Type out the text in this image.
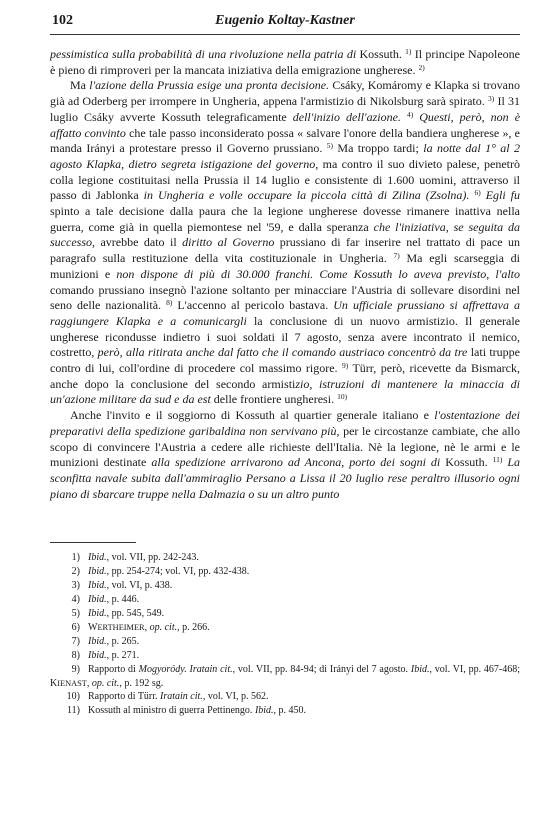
102	Eugenio Koltay-Kastner

pessimistica sulla probabilità di una rivoluzione nella patria di Kossuth. $^{1)}$ Il principe Napoleone è pieno di rimproveri per la mancata iniziativa della emigrazione ungherese. $^{2)}$

Ma l'azione della Prussia esige una pronta decisione. Csáky, Komáromy e Klapka si trovano già ad Oderberg per irrompere in Ungheria, appena l'armistizio di Nikolsburg sarà spirato. $^{3)}$ Il 31 luglio Csáky avverte Kossuth telegraficamente dell'inizio dell'azione. $^{4)}$ Questi, però, non è affatto convinto che tale passo inconsiderato possa « salvare l'onore della bandiera ungherese », e manda Irányi a protestare presso il Governo prussiano. $^{5)}$ Ma troppo tardi; la notte dal 1° al 2 agosto Klapka, dietro segreta istigazione del governo, ma contro il suo divieto palese, penetrò colla legione costituitasi nella Prussia il 14 luglio e consistente di 1.600 uomini, attraverso il passo di Jablonka in Ungheria e volle occupare la piccola città di Zilina (Zsolna). $^{6)}$ Egli fu spinto a tale decisione dalla paura che la legione ungherese dovesse rimanere inattiva nella guerra, come già in quella piemontese nel '59, e dalla speranza che l'iniziativa, se seguita da successo, avrebbe dato il diritto al Governo prussiano di far inserire nel trattato di pace un paragrafo sulla restituzione della vita costituzionale in Ungheria. $^{7)}$ Ma egli scarseggia di munizioni e non dispone di più di 30.000 franchi. Come Kossuth lo aveva previsto, l'alto comando prussiano insegnò l'azione soltanto per minacciare l'Austria di sollevare disordini nel seno delle nazionalità. $^{8)}$ L'accenno al pericolo bastava. Un ufficiale prussiano si affrettava a raggiungere Klapka e a comunicargli la conclusione di un nuovo armistizio. Il generale ungherese ricondusse indietro i suoi soldati il 7 agosto, senza avere incontrato il nemico, costretto, però, alla ritirata anche dal fatto che il comando austriaco concentrò da tre lati truppe contro di lui, coll'ordine di procedere col massimo rigore. $^{9)}$ Türr, però, ricevette da Bismarck, anche dopo la conclusione del secondo armistizio, istruzioni di mantenere la minaccia di un'azione militare da sud e da est delle frontiere ungheresi. $^{10)}$

Anche l'invito e il soggiorno di Kossuth al quartier generale italiano e l'ostentazione dei preparativi della spedizione garibaldina non servivano più, per le circostanze cambiate, che allo scopo di convincere l'Austria a cedere alle richieste dell'Italia. Nè la legione, nè le armi e le munizioni destinate alla spedizione arrivarono ad Ancona, porto dei sogni di Kossuth. $^{11)}$ La sconfitta navale subita dall'ammiraglio Persano a Lissa il 20 luglio rese peraltro illusorio ogni piano di sbarcare truppe nella Dalmazia o su un altro punto

1) Ibid., vol. VII, pp. 242-243.
2) Ibid., pp. 254-274; vol. VI, pp. 432-438.
3) Ibid., vol. VI, p. 438.
4) Ibid., p. 446.
5) Ibid., pp. 545, 549.
6) WERTHEIMER, op. cit., p. 266.
7) Ibid., p. 265.
8) Ibid., p. 271.
9) Rapporto di Mogyoródy. Iratain cit., vol. VII, pp. 84-94; di Irányi del 7 agosto. Ibid., vol. VI, pp. 467-468; KIENAST, op. cit., p. 192 sg.
10) Rapporto di Türr. Iratain cit., vol. VI, p. 562.
11) Kossuth al ministro di guerra Pettinengo. Ibid., p. 450.
